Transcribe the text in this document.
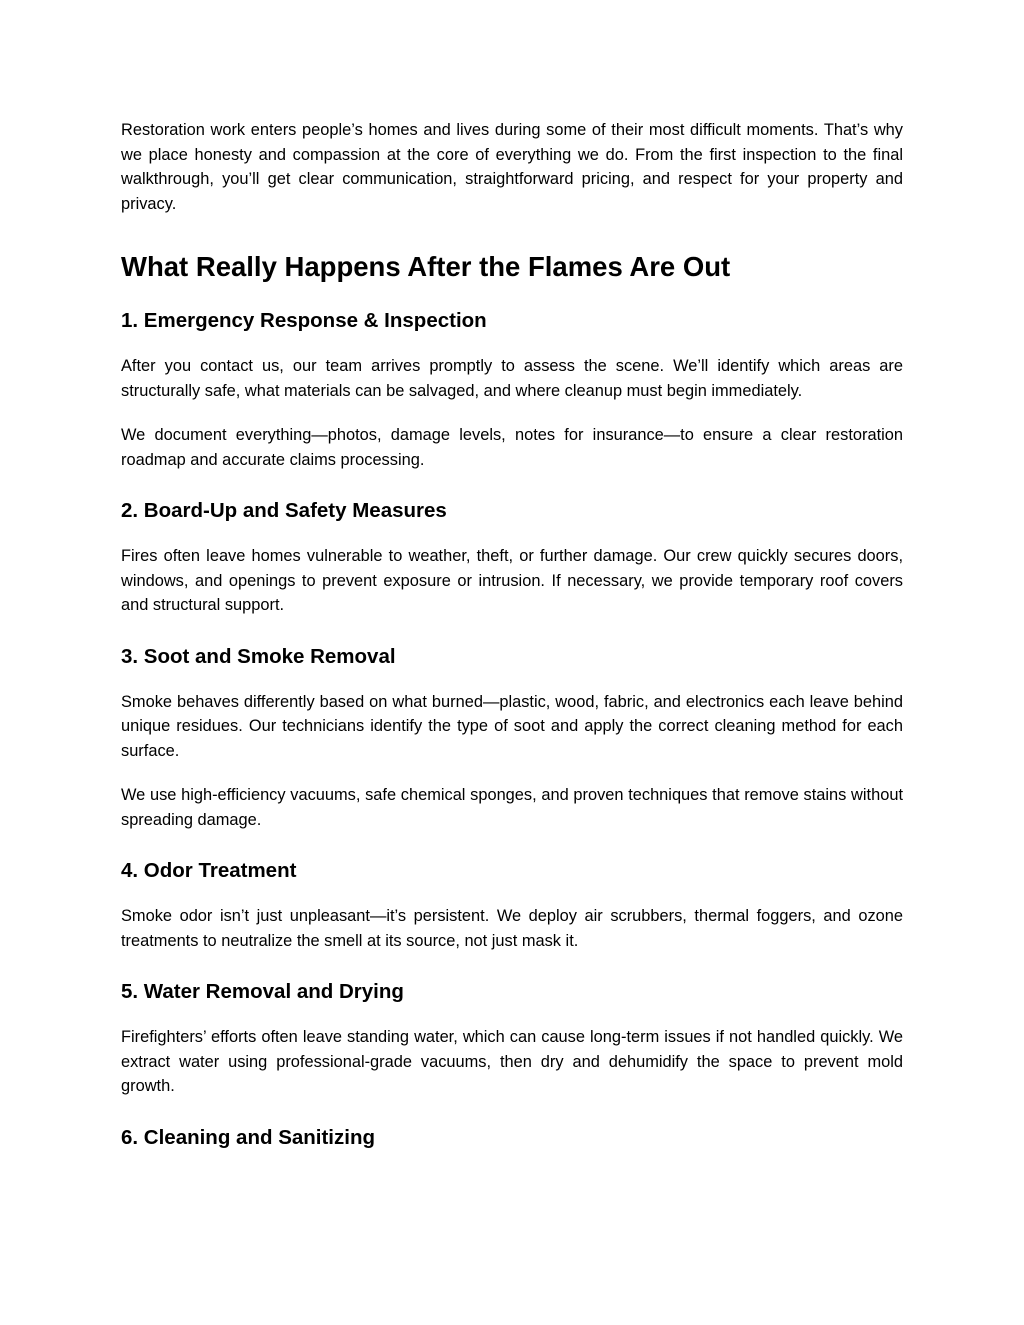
Restoration work enters people’s homes and lives during some of their most difficult moments. That’s why we place honesty and compassion at the core of everything we do. From the first inspection to the final walkthrough, you’ll get clear communication, straightforward pricing, and respect for your property and privacy.

What Really Happens After the Flames Are Out
1. Emergency Response & Inspection

After you contact us, our team arrives promptly to assess the scene. We’ll identify which areas are structurally safe, what materials can be salvaged, and where cleanup must begin immediately.

We document everything—photos, damage levels, notes for insurance—to ensure a clear restoration roadmap and accurate claims processing.

2. Board-Up and Safety Measures

Fires often leave homes vulnerable to weather, theft, or further damage. Our crew quickly secures doors, windows, and openings to prevent exposure or intrusion. If necessary, we provide temporary roof covers and structural support.

3. Soot and Smoke Removal

Smoke behaves differently based on what burned—plastic, wood, fabric, and electronics each leave behind unique residues. Our technicians identify the type of soot and apply the correct cleaning method for each surface.

We use high-efficiency vacuums, safe chemical sponges, and proven techniques that remove stains without spreading damage.

4. Odor Treatment

Smoke odor isn’t just unpleasant—it’s persistent. We deploy air scrubbers, thermal foggers, and ozone treatments to neutralize the smell at its source, not just mask it.

5. Water Removal and Drying

Firefighters’ efforts often leave standing water, which can cause long-term issues if not handled quickly. We extract water using professional-grade vacuums, then dry and dehumidify the space to prevent mold growth.

6. Cleaning and Sanitizing
